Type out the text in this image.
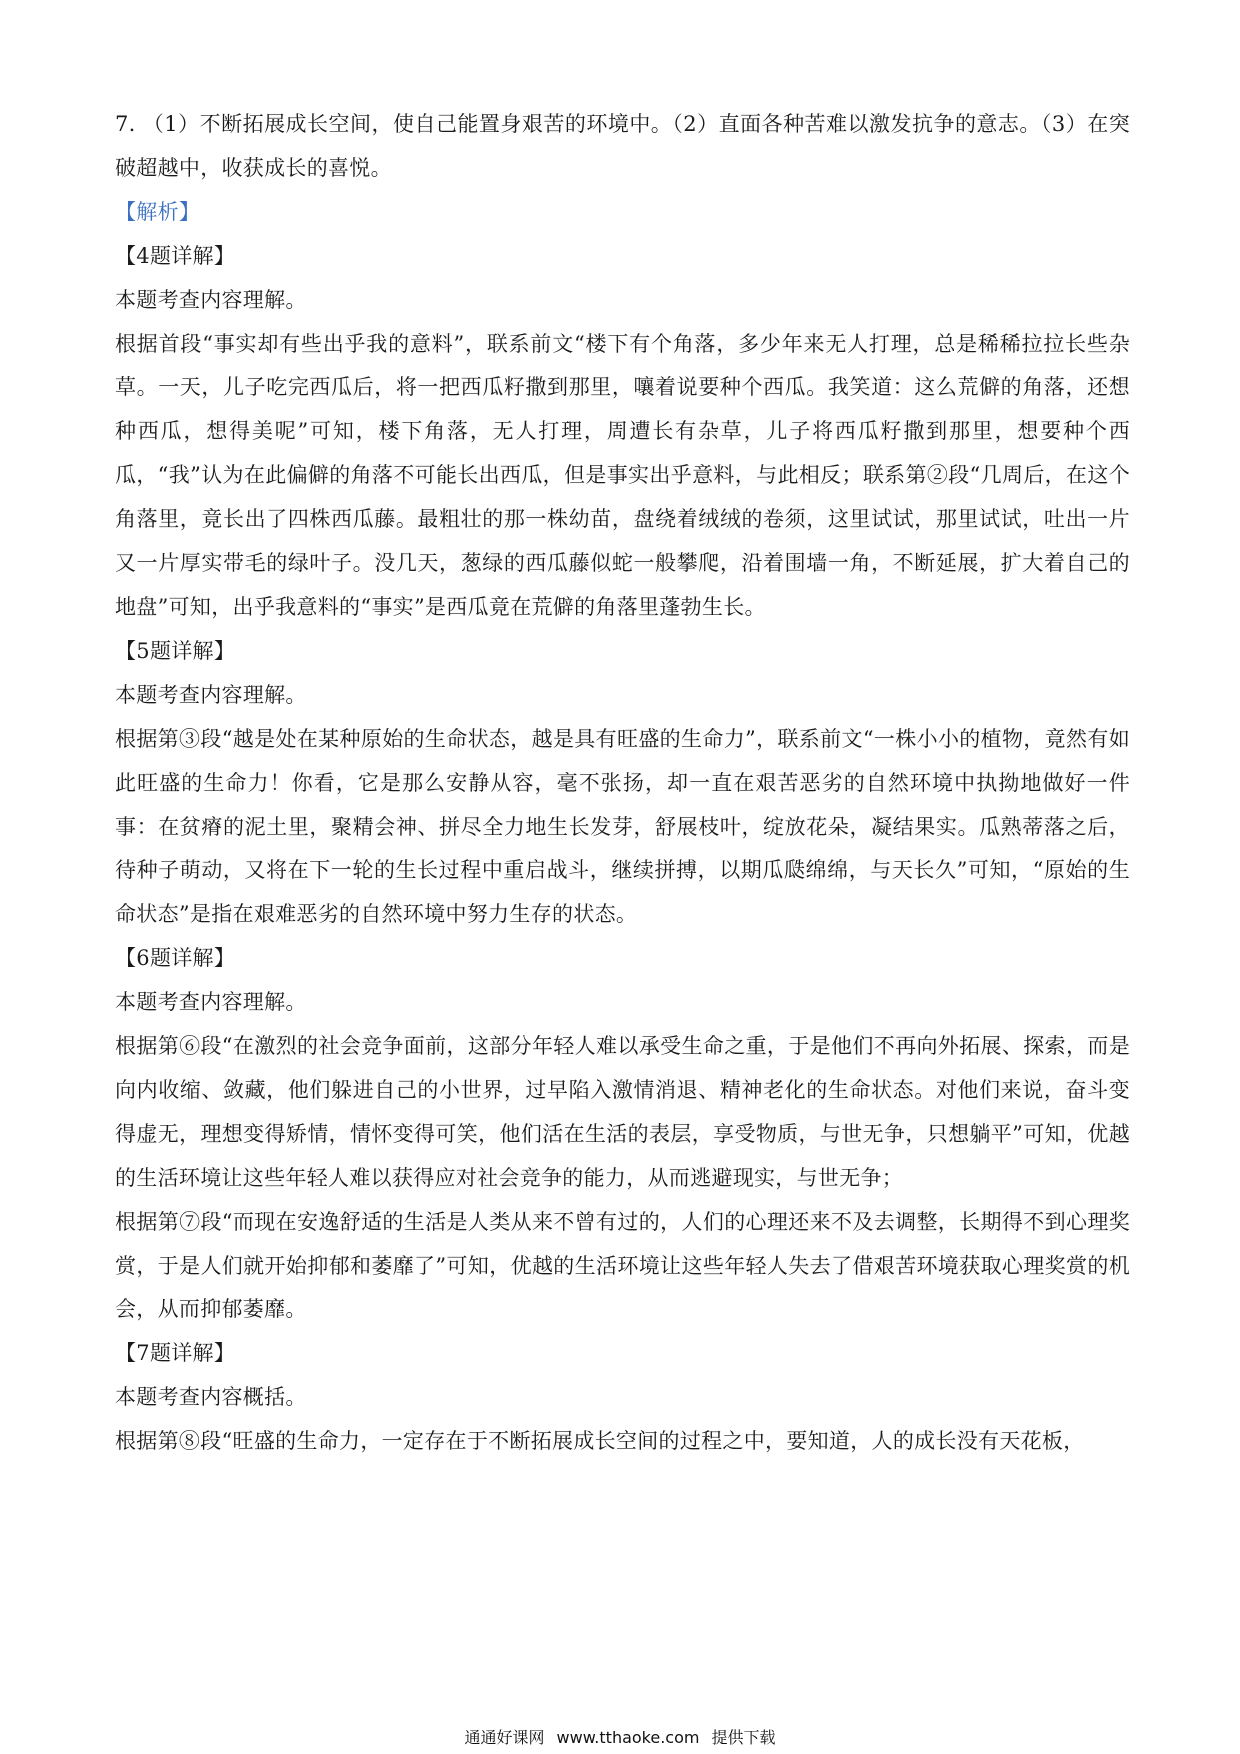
7. （1）不断拓展成长空间，使自己能置身艰苦的环境中。（2）直面各种苦难以激发抗争的意志。（3）在突破超越中，收获成长的喜悦。

【解析】

【4题详解】

本题考查内容理解。

根据首段“事实却有些出乎我的意料”，联系前文“楼下有个角落，多少年来无人打理，总是稀稀拉拉长些杂草。一天，儿子吃完西瓜后，将一把西瓜籽撒到那里，嚷着说要种个西瓜。我笑道：这么荒僻的角落，还想种西瓜，想得美呢”可知，楼下角落，无人打理，周遭长有杂草，儿子将西瓜籽撒到那里，想要种个西瓜，“我”认为在此偏僻的角落不可能长出西瓜，但是事实出乎意料，与此相反；联系第②段“几周后，在这个角落里，竟长出了四株西瓜藤。最粗壮的那一株幼苗，盘绕着绒绒的卷须，这里试试，那里试试，吐出一片又一片厚实带毛的绿叶子。没几天，葱绿的西瓜藤似蛇一般攀爬，沿着围墙一角，不断延展，扩大着自己的地盘”可知，出乎我意料的“事实”是西瓜竟在荒僻的角落里蓬勃生长。

【5题详解】

本题考查内容理解。

根据第③段“越是处在某种原始的生命状态，越是具有旺盛的生命力”，联系前文“一株小小的植物，竟然有如此旺盛的生命力！你看，它是那么安静从容，毫不张扬，却一直在艰苦恶劣的自然环境中执拗地做好一件事：在贫瘠的泥土里，聚精会神、拼尽全力地生长发芽，舒展枝叶，绽放花朵，凝结果实。瓜熟蒂落之后，待种子萌动，又将在下一轮的生长过程中重启战斗，继续拼搏，以期瓜瓞绵绵，与天长久”可知，“原始的生命状态”是指在艰难恶劣的自然环境中努力生存的状态。

【6题详解】

本题考查内容理解。

根据第⑥段“在激烈的社会竞争面前，这部分年轻人难以承受生命之重，于是他们不再向外拓展、探索，而是向内收缩、敛藏，他们躲进自己的小世界，过早陷入激情消退、精神老化的生命状态。对他们来说，奋斗变得虚无，理想变得矫情，情怀变得可笑，他们活在生活的表层，享受物质，与世无争，只想躺平”可知，优越的生活环境让这些年轻人难以获得应对社会竞争的能力，从而逃避现实，与世无争；

根据第⑦段“而现在安逸舒适的生活是人类从来不曾有过的，人们的心理还来不及去调整，长期得不到心理奖赏，于是人们就开始抑郁和萎靡了”可知，优越的生活环境让这些年轻人失去了借艰苦环境获取心理奖赏的机会，从而抑郁萎靡。

【7题详解】

本题考查内容概括。

根据第⑧段“旺盛的生命力，一定存在于不断拓展成长空间的过程之中，要知道，人的成长没有天花板，

通通好课网 www.tthaoke.com 提供下载
